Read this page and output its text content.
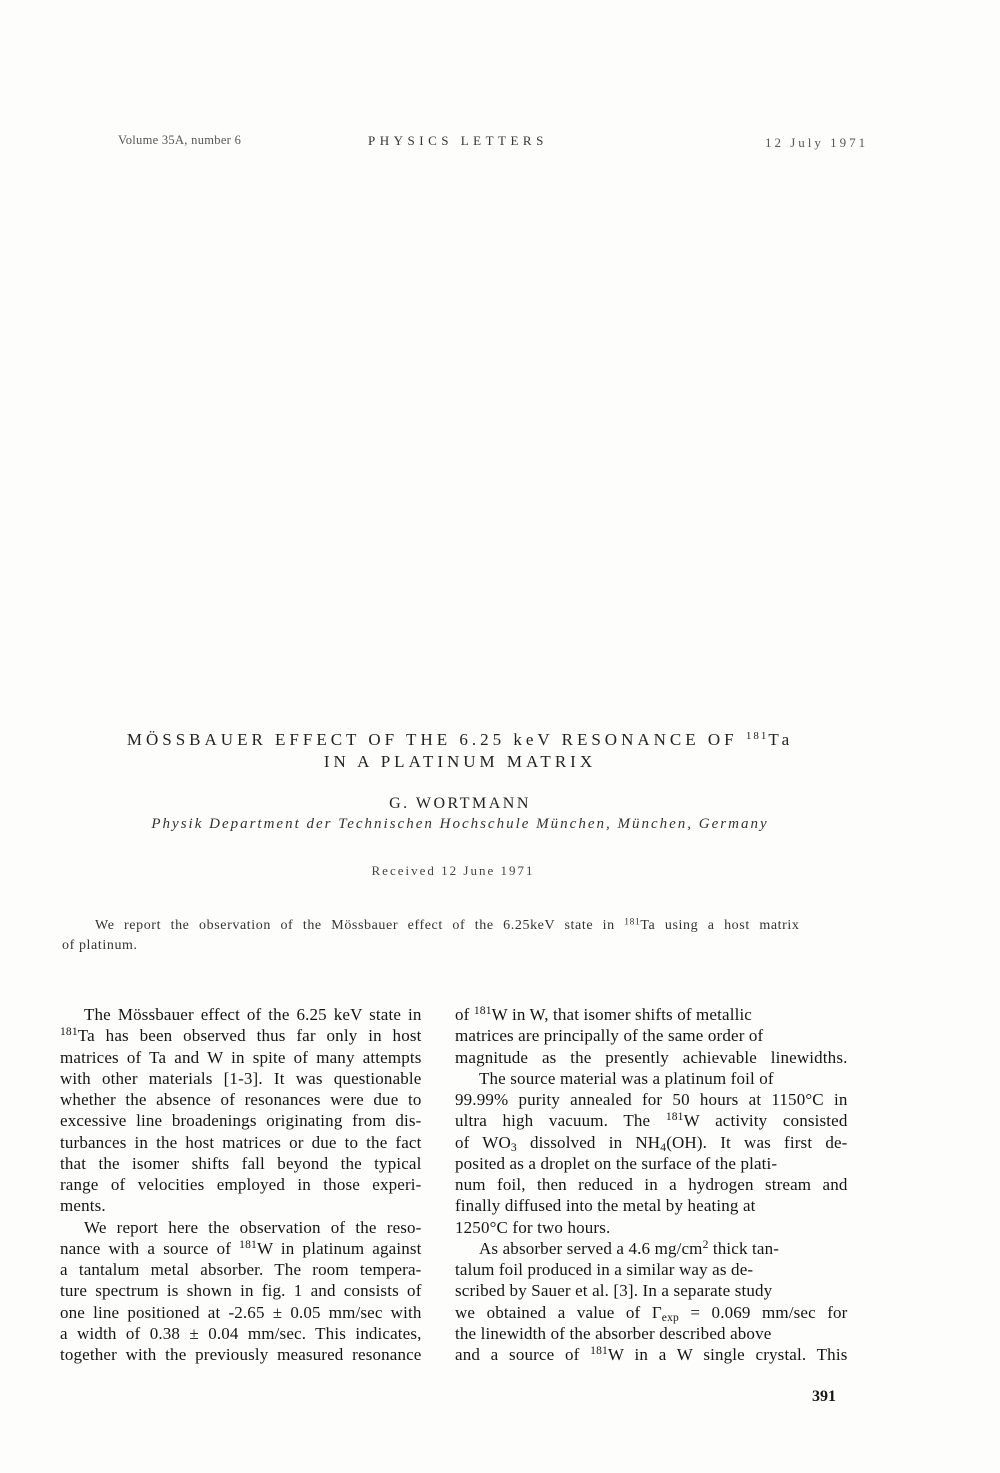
Volume 35A, number 6	PHYSICS LETTERS	12 July 1971
MÖSSBAUER EFFECT OF THE 6.25 keV RESONANCE OF $^{181}$Ta
IN A PLATINUM MATRIX
G. WORTMANN
Physik Department der Technischen Hochschule München, München, Germany
Received 12 June 1971
We report the observation of the Mössbauer effect of the 6.25keV state in $^{181}$Ta using a host matrix
of platinum.
The Mössbauer effect of the 6.25 keV state in
$^{181}$Ta has been observed thus far only in host
matrices of Ta and W in spite of many attempts
with other materials [1-3]. It was questionable
whether the absence of resonances were due to
excessive line broadenings originating from dis-
turbances in the host matrices or due to the fact
that the isomer shifts fall beyond the typical
range of velocities employed in those experi-
ments.
We report here the observation of the reso-
nance with a source of $^{181}$W in platinum against
a tantalum metal absorber. The room tempera-
ture spectrum is shown in fig. 1 and consists of
one line positioned at -2.65 ± 0.05 mm/sec with
a width of 0.38 ± 0.04 mm/sec. This indicates,
together with the previously measured resonance
of $^{181}$W in W, that isomer shifts of metallic
matrices are principally of the same order of
magnitude as the presently achievable linewidths.
The source material was a platinum foil of
99.99% purity annealed for 50 hours at 1150°C in
ultra high vacuum. The $^{181}$W activity consisted
of $WO_3$ dissolved in $NH_4(OH)$. It was first de-
posited as a droplet on the surface of the plati-
num foil, then reduced in a hydrogen stream and
finally diffused into the metal by heating at
1250°C for two hours.
As absorber served a 4.6 $mg/cm^2$ thick tan-
talum foil produced in a similar way as de-
scribed by Sauer et al. [3]. In a separate study
we obtained a value of $\Gamma_{exp} = 0.069$ mm/sec for
the linewidth of the absorber described above
and a source of $^{181}$W in a W single crystal. This
391
